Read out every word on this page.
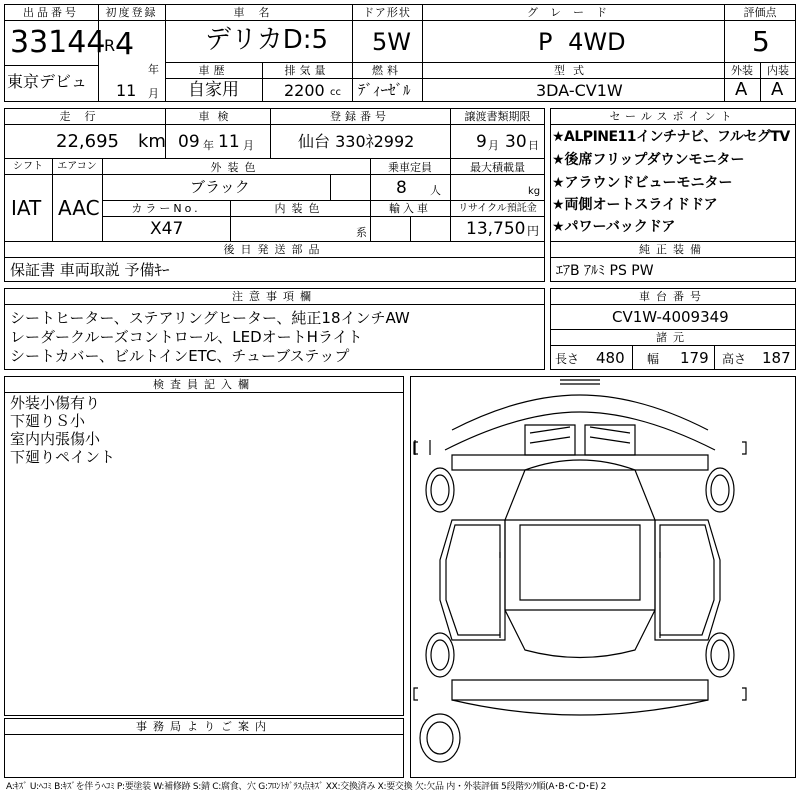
出品番号
33144
東京デビュ
初度登録
R 4
年
11 月
車名
デリカD:5
ドア形状
5W
グレード
P 4WD
評価点
5
車歴
自家用
排気量
2200 cc
燃料
ﾃﾞｨｰｾﾞﾙ
型式
3DA-CV1W
外装	内装
A A
走行
22,695 km
車検
09 年 11 月
登録番号
仙台 330ﾈ2992
譲渡書類期限
9 月 30 日
シフト
IAT
エアコン
AAC
外装色
ブラック
乗車定員
8 人
最大積載量
kg
カラーNo.
X47
内装色
系
輸入車	リサイクル預託金
13,750 円
後日発送部品
保証書 車両取説 予備ｷｰ
セールスポイント
★ALPINE11インチナビ、フルセグTV
★後席フリップダウンモニター
★アラウンドビューモニター
★両側オートスライドドア
★パワーバックドア
純正装備
ｴｱB ｱﾙﾐ PS PW
注意事項欄
シートヒーター、ステアリングヒーター、純正18インチAW
レーダークルーズコントロール、LEDオートHライト
シートカバー、ビルトインETC、チューブステップ
車台番号
CV1W-4009349
諸元
長さ 480 幅 179 高さ 187
検査員記入欄
外装小傷有り
下廻りＳ小
室内内張傷小
下廻りペイント
事務局よりご案内
A:ｷｽﾞ U:ﾍｺﾐ B:ｷｽﾞを伴うﾍｺﾐ P:要塗装 W:補修跡 S:錆 C:腐食、穴 G:ﾌﾛﾝﾄｶﾞﾗｽ点ｷｽﾞ XX:交換済み X:要交換 欠:欠品 内・外装評価 5段階ﾗﾝｸ順(A･B･C･D･E) 2
